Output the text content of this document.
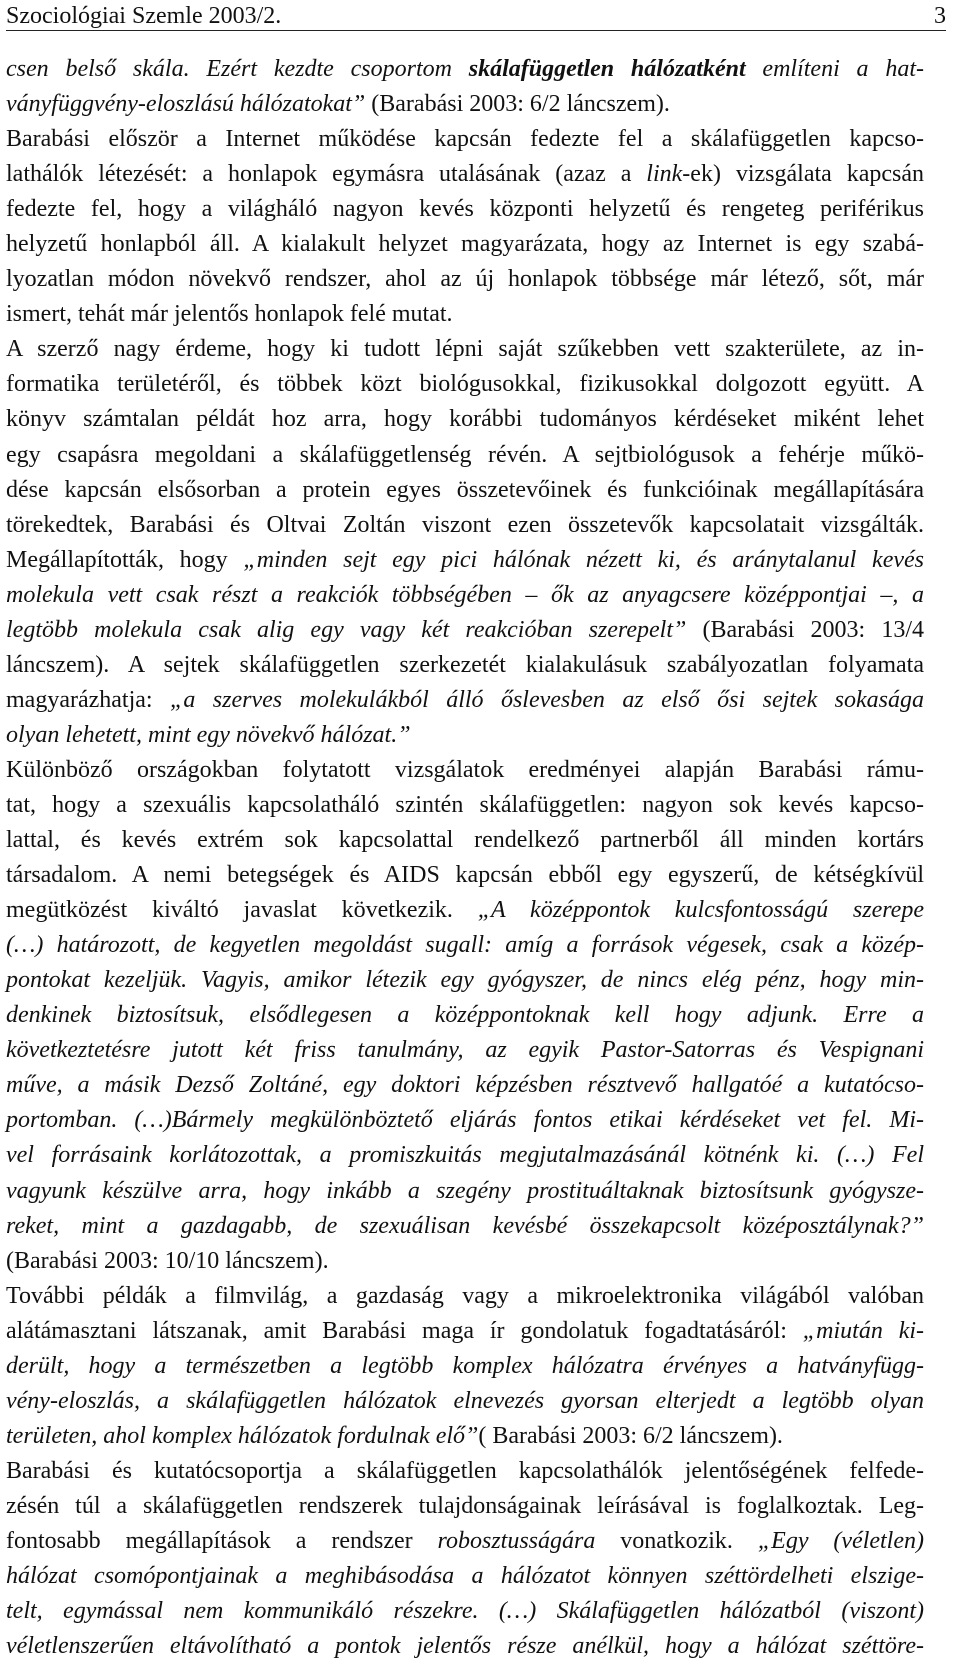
Szociológiai Szemle 2003/2.	3
csen belső skála. Ezért kezdte csoportom skálafüggetlen hálózatként említeni a hat-
ványfüggvény-eloszlású hálózatokat” (Barabási 2003: 6/2 láncszem).
Barabási először a Internet működése kapcsán fedezte fel a skálafüggetlen kapcso-
lathálók létezését: a honlapok egymásra utalásának (azaz a link-ek) vizsgálata kapcsán
fedezte fel, hogy a világháló nagyon kevés központi helyzetű és rengeteg periférikus
helyzetű honlapból áll. A kialakult helyzet magyarázata, hogy az Internet is egy szabá-
lyozatlan módon növekvő rendszer, ahol az új honlapok többsége már létező, sőt, már
ismert, tehát már jelentős honlapok felé mutat.
A szerző nagy érdeme, hogy ki tudott lépni saját szűkebben vett szakterülete, az in-
formatika területéről, és többek közt biológusokkal, fizikusokkal dolgozott együtt. A
könyv számtalan példát hoz arra, hogy korábbi tudományos kérdéseket miként lehet
egy csapásra megoldani a skálafüggetlenség révén. A sejtbiológusok a fehérje műkö-
dése kapcsán elsősorban a protein egyes összetevőinek és funkcióinak megállapítására
törekedtek, Barabási és Oltvai Zoltán viszont ezen összetevők kapcsolatait vizsgálták.
Megállapították, hogy „minden sejt egy pici hálónak nézett ki, és aránytalanul kevés
molekula vett csak részt a reakciók többségében – ők az anyagcsere középpontjai –, a
legtöbb molekula csak alig egy vagy két reakcióban szerepelt” (Barabási 2003: 13/4
láncszem). A sejtek skálafüggetlen szerkezetét kialakulásuk szabályozatlan folyamata
magyarázhatja: „a szerves molekulákból álló őslevesben az első ősi sejtek sokasága
olyan lehetett, mint egy növekvő hálózat.”
Különböző országokban folytatott vizsgálatok eredményei alapján Barabási rámu-
tat, hogy a szexuális kapcsolatháló szintén skálafüggetlen: nagyon sok kevés kapcso-
lattal, és kevés extrém sok kapcsolattal rendelkező partnerből áll minden kortárs
társadalom. A nemi betegségek és AIDS kapcsán ebből egy egyszerű, de kétségkívül
megütközést kiváltó javaslat következik. „A középpontok kulcsfontosságú szerepe
(…) határozott, de kegyetlen megoldást sugall: amíg a források végesek, csak a közép-
pontokat kezeljük. Vagyis, amikor létezik egy gyógyszer, de nincs elég pénz, hogy min-
denkinek biztosítsuk, elsődlegesen a középpontoknak kell hogy adjunk. Erre a
következtetésre jutott két friss tanulmány, az egyik Pastor-Satorras és Vespignani
műve, a másik Dezső Zoltáné, egy doktori képzésben résztvevő hallgatóé a kutatócso-
portomban. (…)Bármely megkülönböztető eljárás fontos etikai kérdéseket vet fel. Mi-
vel forrásaink korlátozottak, a promiszkuitás megjutalmazásánál kötnénk ki. (…) Fel
vagyunk készülve arra, hogy inkább a szegény prostituáltaknak biztosítsunk gyógysze-
reket, mint a gazdagabb, de szexuálisan kevésbé összekapcsolt középosztálynak?”
(Barabási 2003: 10/10 láncszem).
További példák a filmvilág, a gazdaság vagy a mikroelektronika világából valóban
alátámasztani látszanak, amit Barabási maga ír gondolatuk fogadtatásáról: „miután ki-
derült, hogy a természetben a legtöbb komplex hálózatra érvényes a hatványfügg-
vény-eloszlás, a skálafüggetlen hálózatok elnevezés gyorsan elterjedt a legtöbb olyan
területen, ahol komplex hálózatok fordulnak elő”( Barabási 2003: 6/2 láncszem).
Barabási és kutatócsoportja a skálafüggetlen kapcsolathálók jelentőségének felfede-
zésén túl a skálafüggetlen rendszerek tulajdonságainak leírásával is foglalkoztak. Leg-
fontosabb megállapítások a rendszer robosztusságára vonatkozik. „Egy (véletlen)
hálózat csomópontjainak a meghibásodása a hálózatot könnyen széttördelheti elszige-
telt, egymással nem kommunikáló részekre. (…) Skálafüggetlen hálózatból (viszont)
véletlenszerűen eltávolítható a pontok jelentős része anélkül, hogy a hálózat széttöre-
